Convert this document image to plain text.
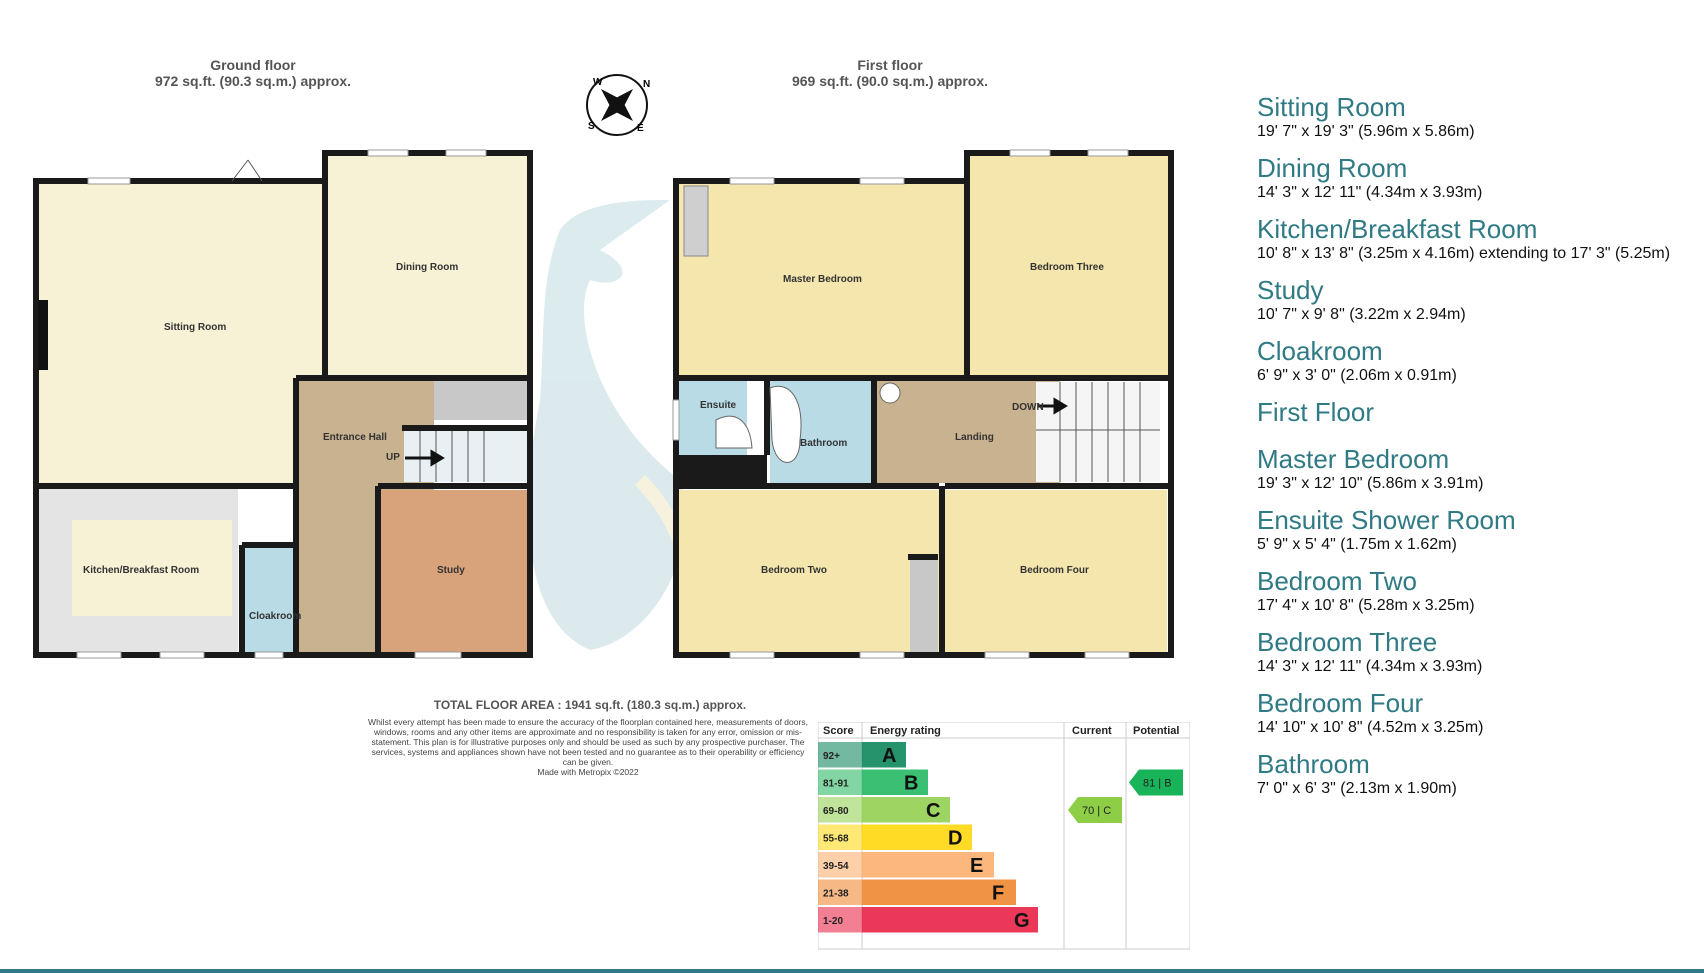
Ground floor
972 sq.ft. (90.3 sq.m.) approx.
First floor
969 sq.ft. (90.0 sq.m.) approx.
N
E
S
W
Sitting Room
Dining Room
Entrance Hall
Kitchen/Breakfast Room
Cloakroom
Study
UP
Master Bedroom
Bedroom Three
Ensuite
Bathroom
Landing
DOWN
Bedroom Two	Bedroom Four
TOTAL FLOOR AREA : 1941 sq.ft. (180.3 sq.m.) approx.
Whilst every attempt has been made to ensure the accuracy of the floorplan contained here, measurements of doors, windows, rooms and any other items are approximate and no responsibility is taken for any error, omission or mis-statement. This plan is for illustrative purposes only and should be used as such by any prospective purchaser. The services, systems and appliances shown have not been tested and no guarantee as to their operability or efficiency can be given.
Made with Metropix ©2022
Score Energy rating	Current Potential
92+ A
81-91	B
69-80	C
55-68	D
39-54	E
21-38	F
1-20	G
70 | C
81 | B
Sitting Room
19' 7" x 19' 3" (5.96m x 5.86m)
Dining Room
14' 3" x 12' 11" (4.34m x 3.93m)
Kitchen/Breakfast Room
10' 8" x 13' 8" (3.25m x 4.16m) extending to 17' 3" (5.25m)
Study
10' 7" x 9' 8" (3.22m x 2.94m)
Cloakroom
6' 9" x 3' 0" (2.06m x 0.91m)
First Floor
Master Bedroom
19' 3" x 12' 10" (5.86m x 3.91m)
Ensuite Shower Room
5' 9" x 5' 4" (1.75m x 1.62m)
Bedroom Two
17' 4" x 10' 8" (5.28m x 3.25m)
Bedroom Three
14' 3" x 12' 11" (4.34m x 3.93m)
Bedroom Four
14' 10" x 10' 8" (4.52m x 3.25m)
Bathroom
7' 0" x 6' 3" (2.13m x 1.90m)
